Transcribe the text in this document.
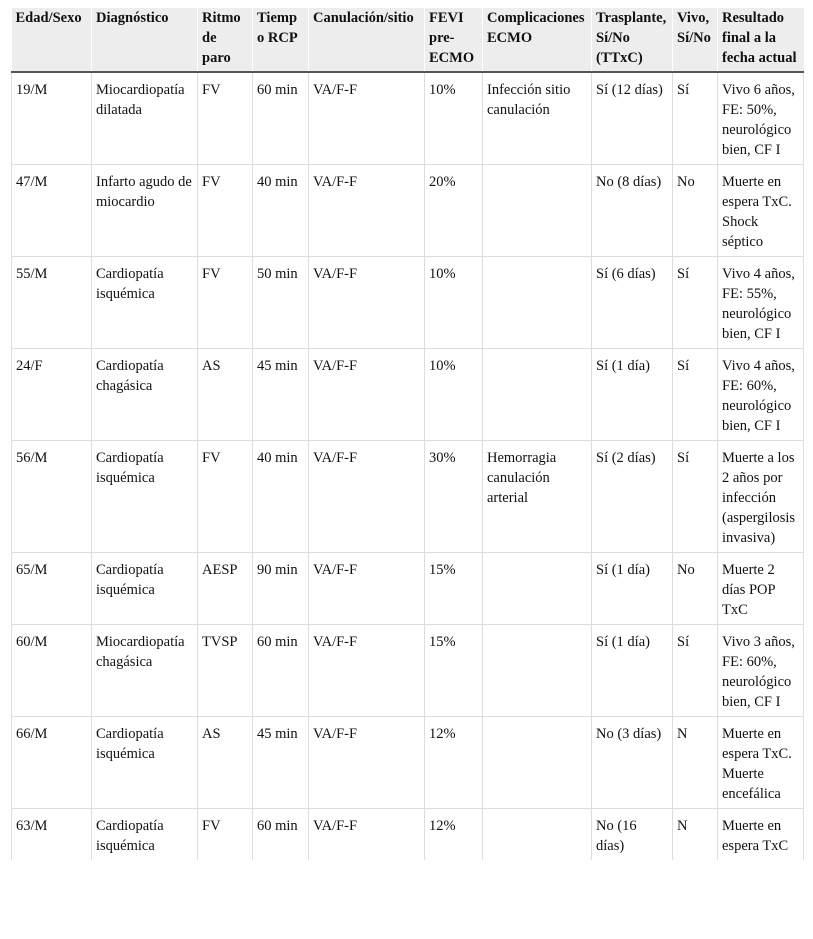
Edad/Sexo	Diagnóstico	Ritmo de paro	Tiempo RCP	Canulación/sitio	FEVI pre-ECMO	Complicaciones ECMO	Trasplante, Sí/No (TTxC)	Vivo, Sí/No	Resultado final a la fecha actual
19/M	Miocardiopatía dilatada	FV	60 min	VA/F-F	10%	Infección sitio canulación	Sí (12 días)	Sí	Vivo 6 años, FE: 50%, neurológico bien, CF I
47/M	Infarto agudo de miocardio	FV	40 min	VA/F-F	20%		No (8 días)	No	Muerte en espera TxC. Shock séptico
55/M	Cardiopatía isquémica	FV	50 min	VA/F-F	10%		Sí (6 días)	Sí	Vivo 4 años, FE: 55%, neurológico bien, CF I
24/F	Cardiopatía chagásica	AS	45 min	VA/F-F	10%		Sí (1 día)	Sí	Vivo 4 años, FE: 60%, neurológico bien, CF I
56/M	Cardiopatía isquémica	FV	40 min	VA/F-F	30%	Hemorragia canulación arterial	Sí (2 días)	Sí	Muerte a los 2 años por infección (aspergilosis invasiva)
65/M	Cardiopatía isquémica	AESP	90 min	VA/F-F	15%		Sí (1 día)	No	Muerte 2 días POP TxC
60/M	Miocardiopatía chagásica	TVSP	60 min	VA/F-F	15%		Sí (1 día)	Sí	Vivo 3 años, FE: 60%, neurológico bien, CF I
66/M	Cardiopatía isquémica	AS	45 min	VA/F-F	12%		No (3 días)	N	Muerte en espera TxC. Muerte encefálica
63/M	Cardiopatía isquémica	FV	60 min	VA/F-F	12%		No (16 días)	N	Muerte en espera TxC
